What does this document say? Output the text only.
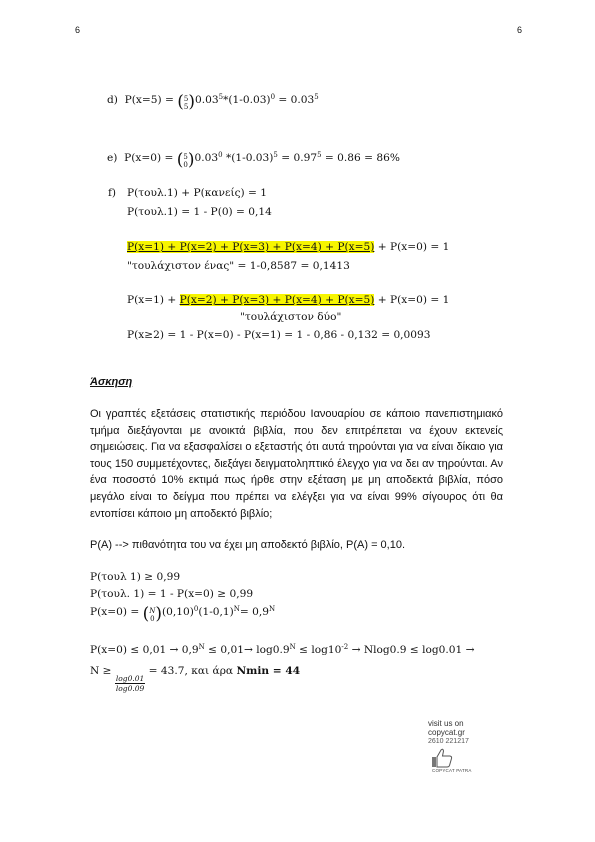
6	6
d) P(x=5) = ( 5
5 ) $0.03^5*(1-0.03)^0 = 0.03^5$
e) P(x=0) = ( 5
0 ) 0.03$^0$ $*(1-0.03)^5 = 0.97^5 = 0.86 = 86\%$
f) P(τουλ.1) + P(κανείς) = 1
P(τουλ.1) = 1 - P(0) = 0,14
P(x=1) + P(x=2) + P(x=3) + P(x=4) + P(x=5) + P(x=0) = 1
"τουλάχιστον ένας" = 1-0,8587 = 0,1413
P(x=1) + P(x=2) + P(x=3) + P(x=4) + P(x=5) + P(x=0) = 1
"τουλάχιστον δύο"
P(x≥2) = 1 - P(x=0) - P(x=1) = 1 - 0,86 - 0,132 = 0,0093
Άσκηση

Οι γραπτές εξετάσεις στατιστικής περιόδου Ιανουαρίου σε κάποιο πανεπιστημιακό τμήμα διεξάγονται με ανοικτά βιβλία, που δεν επιτρέπεται να έχουν εκτενείς σημειώσεις. Για να εξασφαλίσει ο εξεταστής ότι αυτά τηρούνται για να είναι δίκαιο για τους 150 συμμετέχοντες, διεξάγει δειγματοληπτικό έλεγχο για να δει αν τηρούνται. Αν ένα ποσοστό 10% εκτιμά πως ήρθε στην εξέταση με μη αποδεκτά βιβλία, πόσο μεγάλο είναι το δείγμα που πρέπει να ελέγξει για να είναι 99% σίγουρος ότι θα εντοπίσει κάποιο μη αποδεκτό βιβλίο;

P(A) --> πιθανότητα του να έχει μη αποδεκτό βιβλίο, P(A) = 0,10.
P(τουλ 1) ≥ 0,99
P(τουλ. 1) = 1 - P(x=0) ≥ 0,99
P(x=0) = ( N
0 ) $(0,10)^0(1-0,1)^N= 0,9^N$
$P(x=0) \le 0,01 \to 0,9^N \le 0,01\to \log 0.9^N \le \log 10^{-2} \to Nlog0.9 \le \log 0.01$ →
N ≥
$\frac{\log 0.01}{\log 0.09}$
= 43.7, και άρα Nmin = 44
visit us on
copycat.gr
2610 221217
COPYCAT PATRA
